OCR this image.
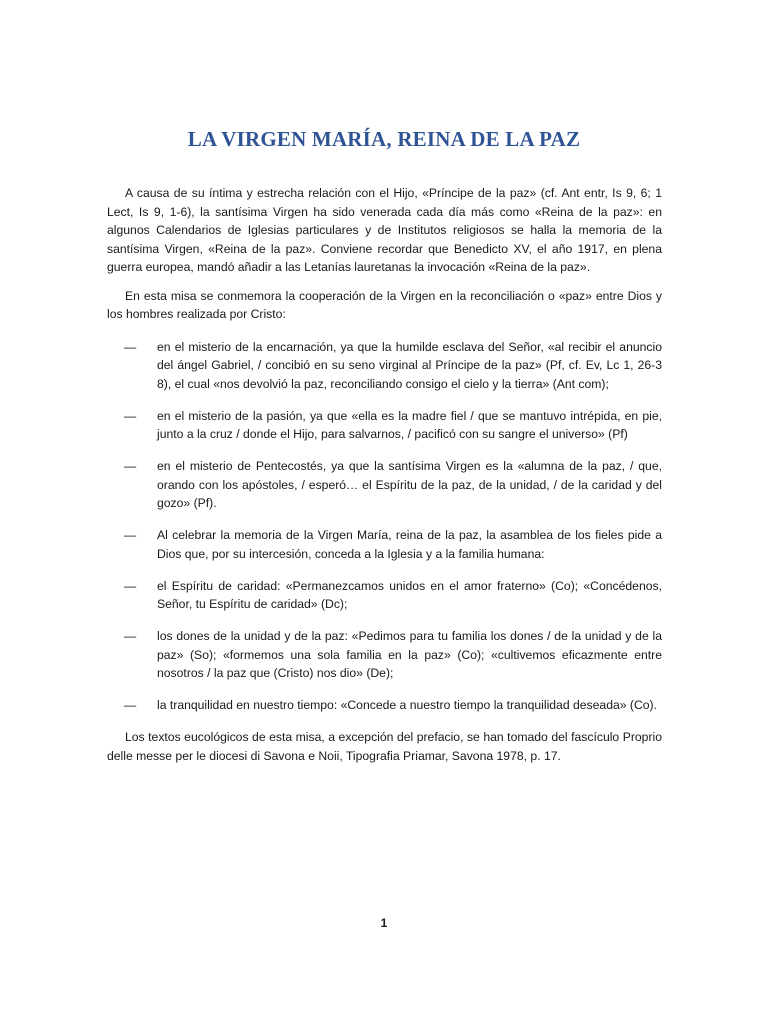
LA VIRGEN MARÍA, REINA DE LA PAZ

A causa de su íntima y estrecha relación con el Hijo, «Príncipe de la paz» (cf. Ant entr, Is 9, 6; 1 Lect, Is 9, 1-6), la santísima Virgen ha sido venerada cada día más como «Reina de la paz»: en algunos Calendarios de Iglesias particulares y de Institutos religiosos se halla la memoria de la santísima Virgen, «Reina de la paz». Conviene recordar que Benedicto XV, el año 1917, en plena guerra europea, mandó añadir a las Letanías lauretanas la invocación «Reina de la paz».

En esta misa se conmemora la cooperación de la Virgen en la reconciliación o «paz» entre Dios y los hombres realizada por Cristo:

— en el misterio de la encarnación, ya que la humilde esclava del Señor, «al recibir el anuncio del ángel Gabriel, / concibió en su seno virginal al Príncipe de la paz» (Pf, cf. Ev, Lc 1, 26-3 8), el cual «nos devolvió la paz, reconciliando consigo el cielo y la tierra» (Ant com);
— en el misterio de la pasión, ya que «ella es la madre fiel / que se mantuvo intrépida, en pie, junto a la cruz / donde el Hijo, para salvarnos, / pacificó con su sangre el universo» (Pf)
— en el misterio de Pentecostés, ya que la santísima Virgen es la «alumna de la paz, / que, orando con los apóstoles, / esperó… el Espíritu de la paz, de la unidad, / de la caridad y del gozo» (Pf).
— Al celebrar la memoria de la Virgen María, reina de la paz, la asamblea de los fieles pide a Dios que, por su intercesión, conceda a la Iglesia y a la familia humana:
— el Espíritu de caridad: «Permanezcamos unidos en el amor fraterno» (Co); «Concédenos, Señor, tu Espíritu de caridad» (Dc);
— los dones de la unidad y de la paz: «Pedimos para tu familia los dones / de la unidad y de la paz» (So); «formemos una sola familia en la paz» (Co); «cultivemos eficazmente entre nosotros / la paz que (Cristo) nos dio» (De);
— la tranquilidad en nuestro tiempo: «Concede a nuestro tiempo la tranquilidad deseada» (Co).

Los textos eucológicos de esta misa, a excepción del prefacio, se han tomado del fascículo Proprio delle messe per le diocesi di Savona e Noii, Tipografia Priamar, Savona 1978, p. 17.

1
